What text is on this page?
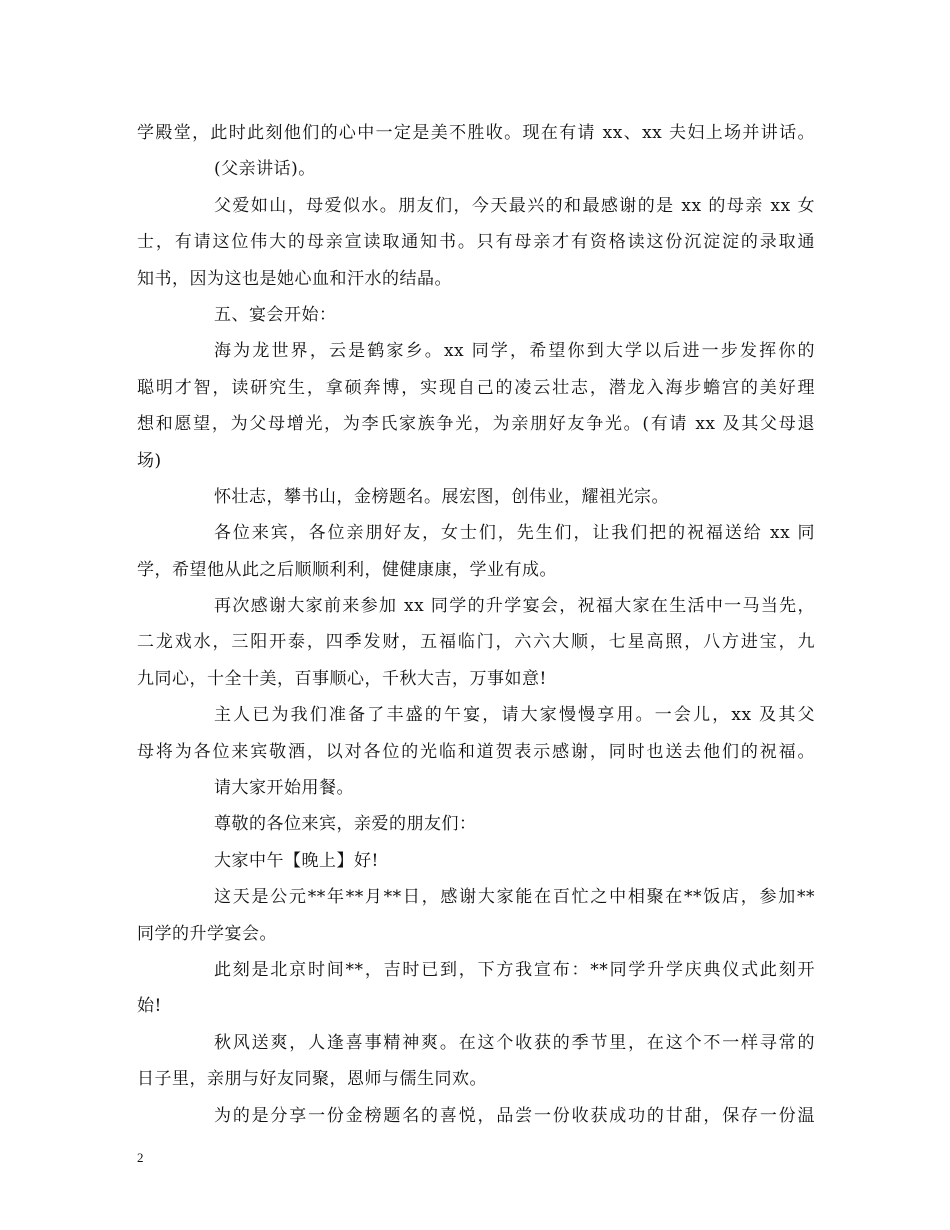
学殿堂，此时此刻他们的心中一定是美不胜收。现在有请 xx、xx 夫妇上场并讲话。
(父亲讲话)。
父爱如山，母爱似水。朋友们，今天最兴的和最感谢的是 xx 的母亲 xx 女
士，有请这位伟大的母亲宣读取通知书。只有母亲才有资格读这份沉淀淀的录取通
知书，因为这也是她心血和汗水的结晶。
五、宴会开始：
海为龙世界，云是鹤家乡。xx 同学，希望你到大学以后进一步发挥你的
聪明才智，读研究生，拿硕奔博，实现自己的凌云壮志，潜龙入海步蟾宫的美好理
想和愿望，为父母增光，为李氏家族争光，为亲朋好友争光。(有请 xx 及其父母退
场)
怀壮志，攀书山，金榜题名。展宏图，创伟业，耀祖光宗。
各位来宾，各位亲朋好友，女士们，先生们，让我们把的祝福送给 xx 同
学，希望他从此之后顺顺利利，健健康康，学业有成。
再次感谢大家前来参加 xx 同学的升学宴会，祝福大家在生活中一马当先，
二龙戏水，三阳开泰，四季发财，五福临门，六六大顺，七星高照，八方进宝，九
九同心，十全十美，百事顺心，千秋大吉，万事如意!
主人已为我们准备了丰盛的午宴，请大家慢慢享用。一会儿，xx 及其父
母将为各位来宾敬酒，以对各位的光临和道贺表示感谢，同时也送去他们的祝福。
请大家开始用餐。
尊敬的各位来宾，亲爱的朋友们：
大家中午【晚上】好!
这天是公元**年**月**日，感谢大家能在百忙之中相聚在**饭店，参加**
同学的升学宴会。
此刻是北京时间**，吉时已到，下方我宣布：**同学升学庆典仪式此刻开
始!
秋风送爽，人逢喜事精神爽。在这个收获的季节里，在这个不一样寻常的
日子里，亲朋与好友同聚，恩师与儒生同欢。
为的是分享一份金榜题名的喜悦，品尝一份收获成功的甘甜，保存一份温
2
